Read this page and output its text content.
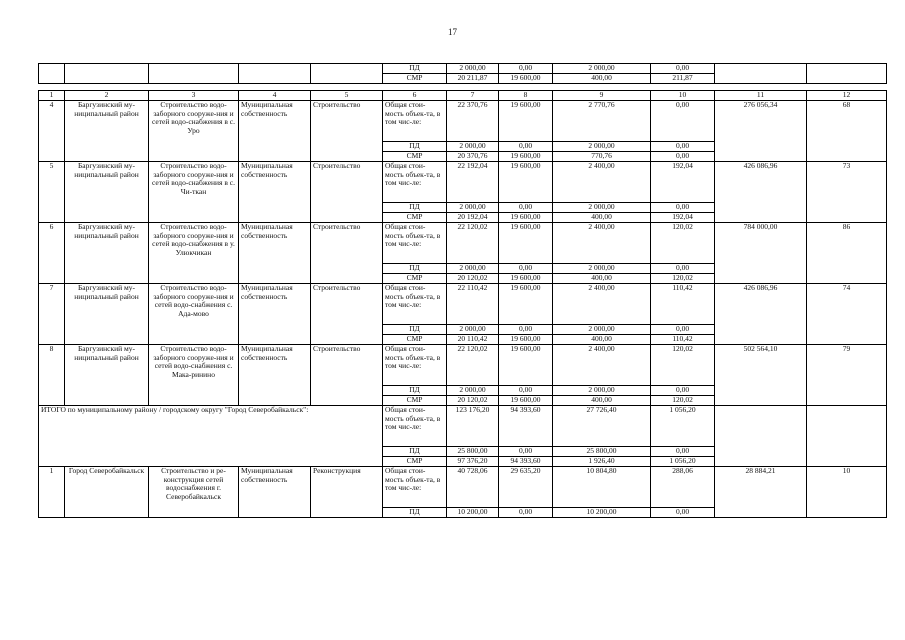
17
					ПД	2 000,00	0,00	2 000,00	0,00		
					СМР	20 211,87	19 600,00	400,00	211,87		

1	2	3	4	5	6	7	8	9	10	11	12
4	Баргузинский му-ниципальный район	Строительство водо-заборного сооруже-ния и сетей водо-снабжения в с. Уро	Муниципальная собственность	Строительство	Общая стои-мость объек-та, в том чис-ле:	22 370,76	19 600,00	2 770,76	0,00	276 056,34	68
					ПД	2 000,00	0,00	2 000,00	0,00		
					СМР	20 370,76	19 600,00	770,76	0,00		
5	Баргузинский му-ниципальный район	Строительство водо-заборного сооруже-ния и сетей водо-снабжения в с. Чи-ткан	Муниципальная собственность	Строительство	Общая стои-мость объек-та, в том чис-ле:	22 192,04	19 600,00	2 400,00	192,04	426 086,96	73
					ПД	2 000,00	0,00	2 000,00	0,00		
					СМР	20 192,04	19 600,00	400,00	192,04		
6	Баргузинский му-ниципальный район	Строительство водо-заборного сооруже-ния и сетей водо-снабжения в у. Улюкчикан	Муниципальная собственность	Строительство	Общая стои-мость объек-та, в том чис-ле:	22 120,02	19 600,00	2 400,00	120,02	784 000,00	86
					ПД	2 000,00	0,00	2 000,00	0,00		
					СМР	20 120,02	19 600,00	400,00	120,02		
7	Баргузинский му-ниципальный район	Строительство водо-заборного сооруже-ния и сетей водо-снабжения с. Ада-мово	Муниципальная собственность	Строительство	Общая стои-мость объек-та, в том чис-ле:	22 110,42	19 600,00	2 400,00	110,42	426 086,96	74
					ПД	2 000,00	0,00	2 000,00	0,00		
					СМР	20 110,42	19 600,00	400,00	110,42		
8	Баргузинский му-ниципальный район	Строительство водо-заборного сооруже-ния и сетей водо-снабжения с. Мака-ринино	Муниципальная собственность	Строительство	Общая стои-мость объек-та, в том чис-ле:	22 120,02	19 600,00	2 400,00	120,02	502 564,10	79
					ПД	2 000,00	0,00	2 000,00	0,00		
					СМР	20 120,02	19 600,00	400,00	120,02		
ИТОГО по муниципальному району / городскому округу "Город Северобайкальск":					Общая стои-мость объек-та, в том чис-ле:	123 176,20	94 393,60	27 726,40	1 056,20		
					ПД	25 800,00	0,00	25 800,00	0,00		
					СМР	97 376,20	94 393,60	1 926,40	1 056,20		
1	Город Северобайкальск	Строительство и ре-конструкция сетей водоснабжения г. Северобайкальск	Муниципальная собственность	Реконструкция	Общая стои-мость объек-та, в том чис-ле:	40 728,06	29 635,20	10 804,80	288,06	28 884,21	10
					ПД	10 200,00	0,00	10 200,00	0,00		
